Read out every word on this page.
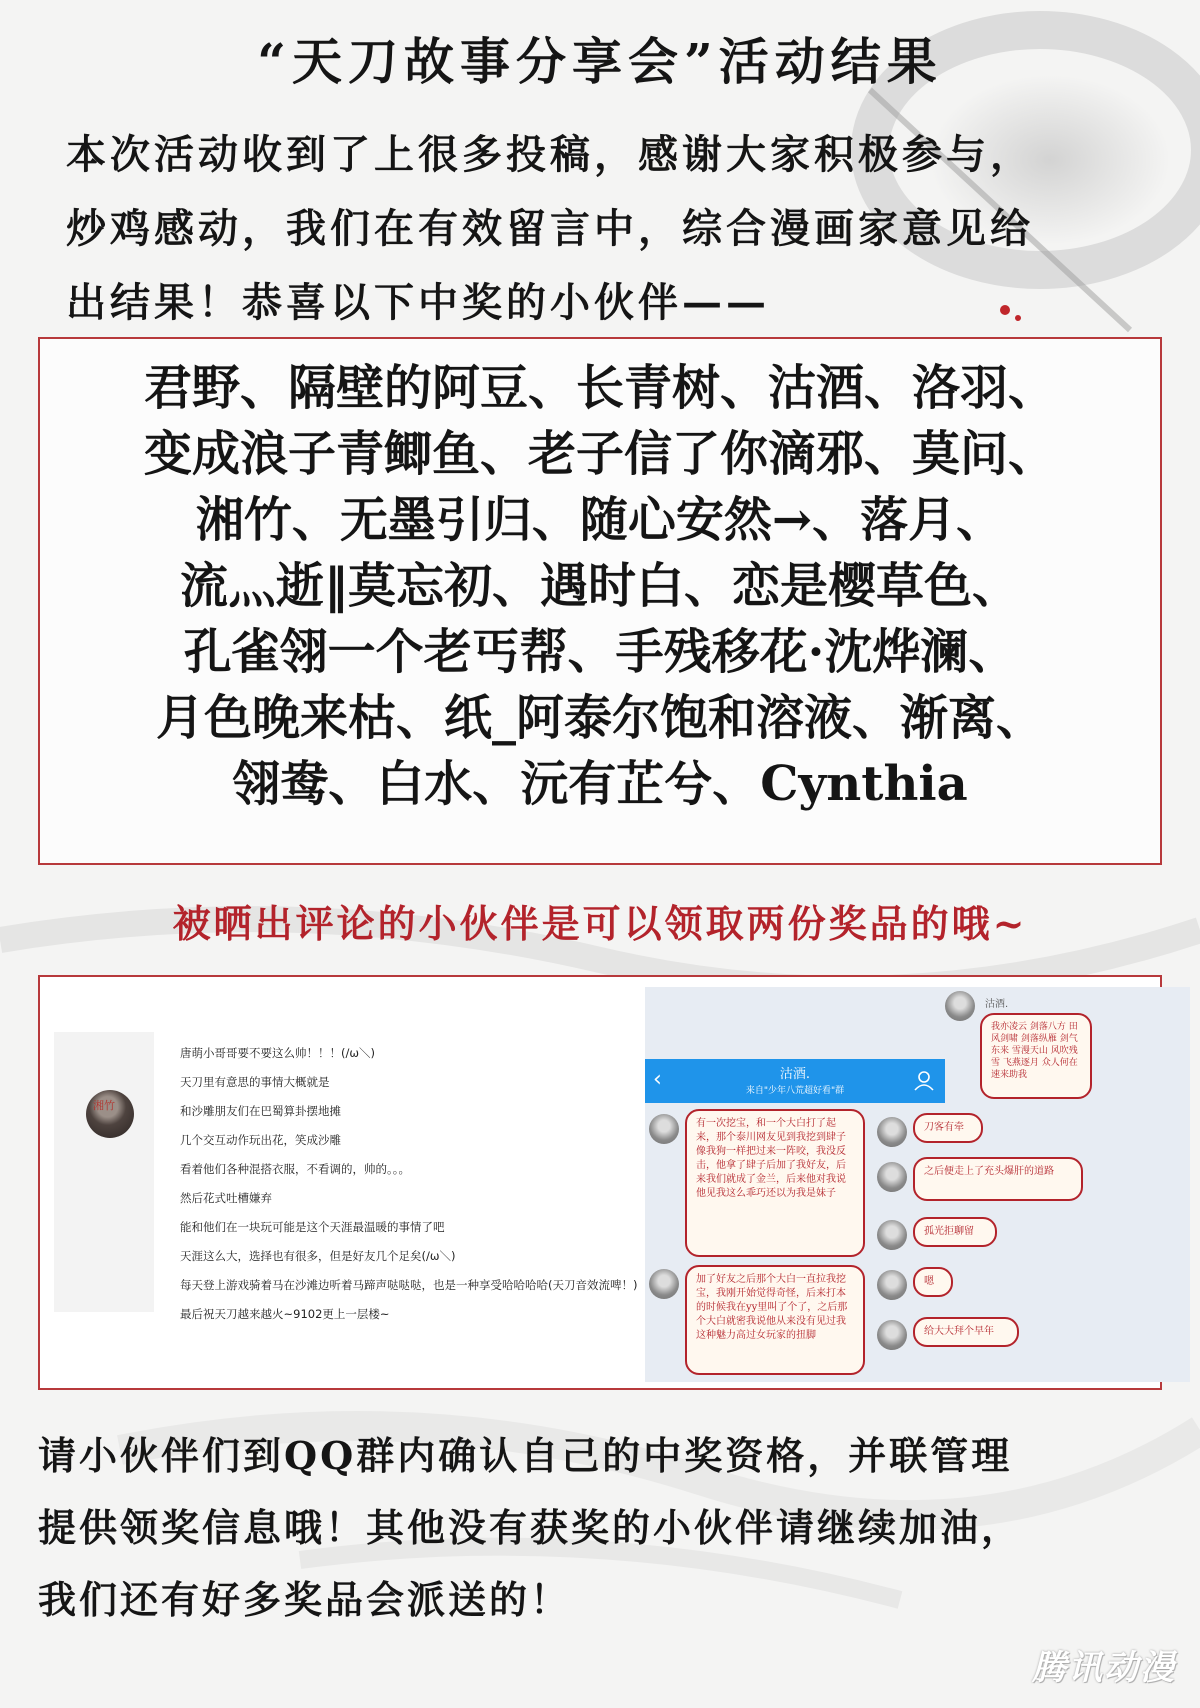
“天刀故事分享会”活动结果
本次活动收到了上很多投稿，感谢大家积极参与，
炒鸡感动，我们在有效留言中，综合漫画家意见给
出结果！恭喜以下中奖的小伙伴——
君野、隔壁的阿豆、长青树、沽酒、洛羽、
变成浪子青鲫鱼、老子信了你滴邪、莫问、
湘竹、无墨引归、随心安然→、落月、
流灬逝‖莫忘初、遇时白、恋是樱草色、
孔雀翎一个老丐帮、手残移花·沈烨澜、
月色晚来枯、纸_阿泰尔饱和溶液、渐离、
翎鸯、白水、沅有芷兮、Cynthia
被晒出评论的小伙伴是可以领取两份奖品的哦~
湘竹
唐萌小哥哥要不要这么帅！！！(/ω＼)
天刀里有意思的事情大概就是
和沙雕朋友们在巴蜀算卦摆地摊
几个交互动作玩出花，笑成沙雕
看着他们各种混搭衣服，不看调的，帅的。。。
然后花式吐槽嫌弃
能和他们在一块玩可能是这个天涯最温暖的事情了吧
天涯这么大，选择也有很多，但是好友几个足矣(/ω＼)
每天登上游戏骑着马在沙滩边听着马蹄声哒哒哒，也是一种享受哈哈哈哈(天刀音效流啤！)
最后祝天刀越来越火~9102更上一层楼~
沽酒.
我亦凌云 剑落八方 田风剑啸 剑落纵雁 剑气东来 雪漫天山 风吹残雪 飞燕逐月 众人何在 速来助我
‹	沽酒.
来自"少年八荒超好看"群
有一次挖宝，和一个大白打了起来，那个泰川网友见到我挖到肆子像我狗一样把过来一阵咬，我没反击，他拿了肆子后加了我好友，后来我们就成了金兰，后来他对我说他见我这么乖巧还以为我是妹子
加了好友之后那个大白一直拉我挖宝，我刚开始觉得奇怪，后来打本的时候我在yy里叫了个了，之后那个大白就密我说他从来没有见过我这种魅力高过女玩家的扭脚
刀客有牵
之后便走上了充头爆肝的道路
孤光拒聊留
嗯
给大大拜个早年
请小伙伴们到QQ群内确认自己的中奖资格，并联管理
提供领奖信息哦！其他没有获奖的小伙伴请继续加油，
我们还有好多奖品会派送的！
腾讯动漫
